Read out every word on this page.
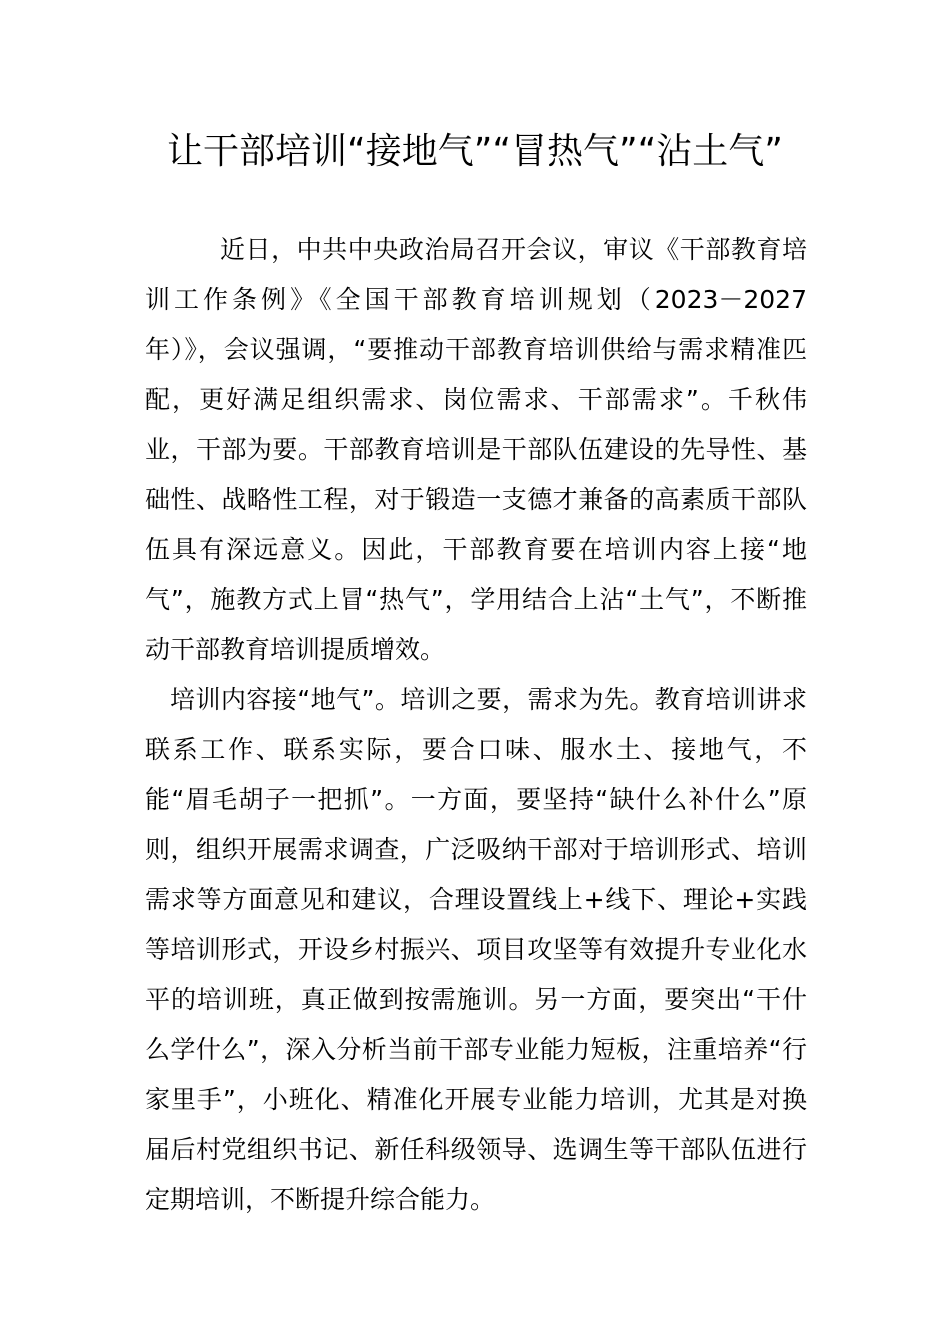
让干部培训“接地气”“冒热气”“沾土气”

近日，中共中央政治局召开会议，审议《干部教育培训工作条例》《全国干部教育培训规划（2023－2027年）》，会议强调，“要推动干部教育培训供给与需求精准匹配，更好满足组织需求、岗位需求、干部需求”。千秋伟业，干部为要。干部教育培训是干部队伍建设的先导性、基础性、战略性工程，对于锻造一支德才兼备的高素质干部队伍具有深远意义。因此，干部教育要在培训内容上接“地气”，施教方式上冒“热气”，学用结合上沾“土气”，不断推动干部教育培训提质增效。

培训内容接“地气”。培训之要，需求为先。教育培训讲求联系工作、联系实际，要合口味、服水土、接地气，不能“眉毛胡子一把抓”。一方面，要坚持“缺什么补什么”原则，组织开展需求调查，广泛吸纳干部对于培训形式、培训需求等方面意见和建议，合理设置线上+线下、理论+实践等培训形式，开设乡村振兴、项目攻坚等有效提升专业化水平的培训班，真正做到按需施训。另一方面，要突出“干什么学什么”，深入分析当前干部专业能力短板，注重培养“行家里手”，小班化、精准化开展专业能力培训，尤其是对换届后村党组织书记、新任科级领导、选调生等干部队伍进行定期培训，不断提升综合能力。
